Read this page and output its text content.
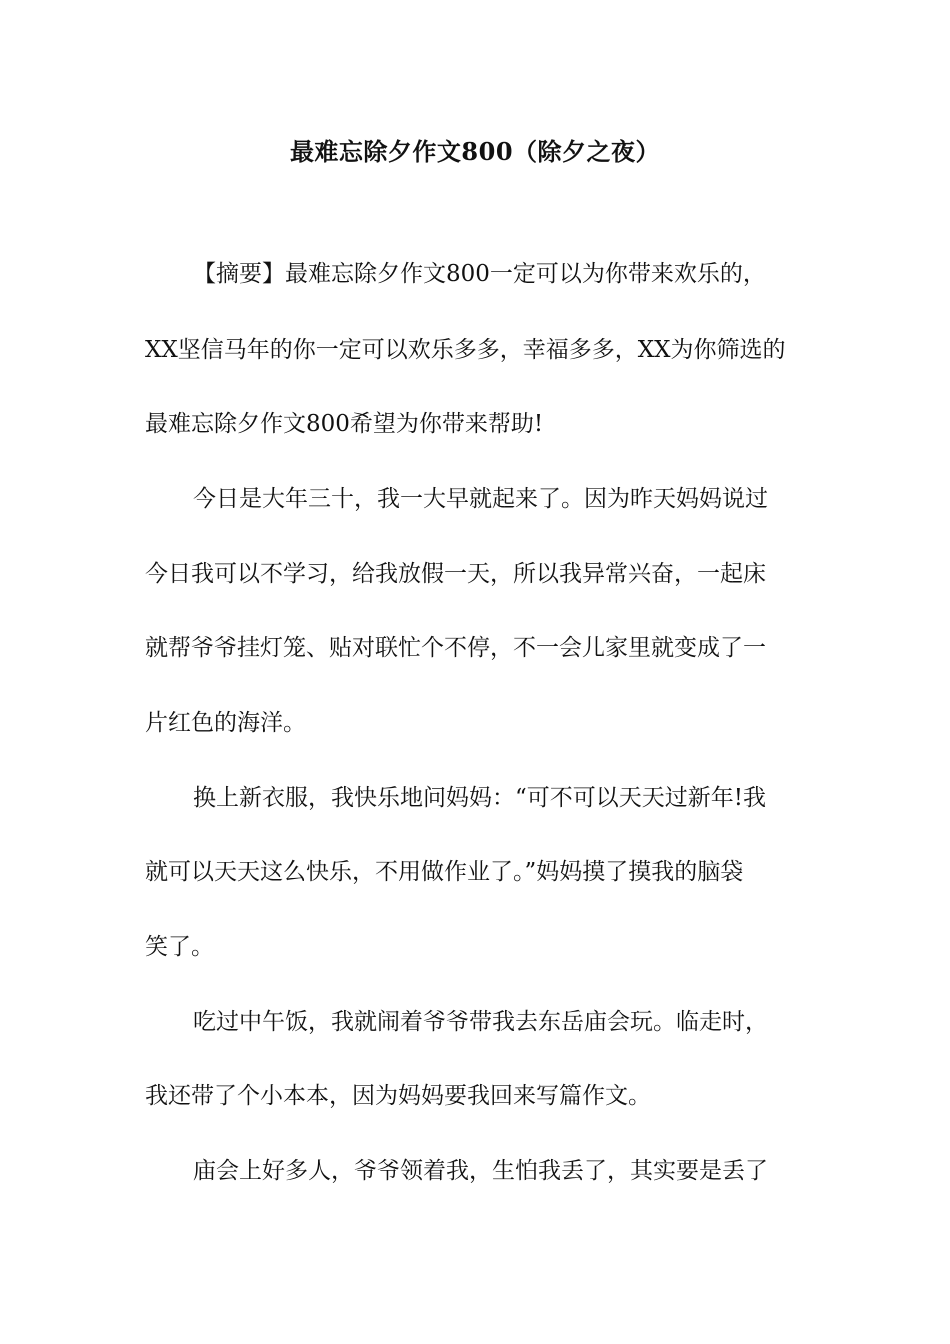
最难忘除夕作文800（除夕之夜）
【摘要】最难忘除夕作文800一定可以为你带来欢乐的，
XX坚信马年的你一定可以欢乐多多，幸福多多，XX为你筛选的
最难忘除夕作文800希望为你带来帮助!
今日是大年三十，我一大早就起来了。因为昨天妈妈说过
今日我可以不学习，给我放假一天，所以我异常兴奋，一起床
就帮爷爷挂灯笼、贴对联忙个不停，不一会儿家里就变成了一
片红色的海洋。
换上新衣服，我快乐地问妈妈：“可不可以天天过新年!我
就可以天天这么快乐，不用做作业了。”妈妈摸了摸我的脑袋
笑了。
吃过中午饭，我就闹着爷爷带我去东岳庙会玩。临走时，
我还带了个小本本，因为妈妈要我回来写篇作文。
庙会上好多人，爷爷领着我，生怕我丢了，其实要是丢了
